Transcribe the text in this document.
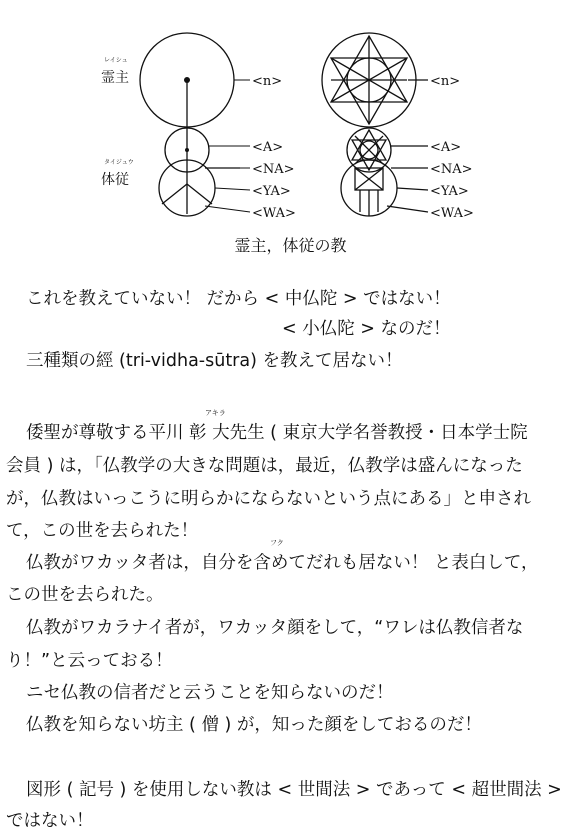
レイシュ
霊主
タイジュウ
体従
<n>
<A>
<NA>
<YA>
<WA>
<n>
<A>
<NA>
<YA>
<WA>
霊主，体従の教
これを教えていない！ だから < 中仏陀 > ではない！
< 小仏陀 > なのだ！
三種類の經 (tri-vidha-sūtra) を教えて居ない！
倭聖が尊敬する平川 彰 大先生 ( 東京大学名誉教授・日本学士院
アキラ
会員 ) は，「仏教学の大きな問題は，最近，仏教学は盛んになった
が，仏教はいっこうに明らかにならないという点にある」と申され
て，この世を去られた！
仏教がワカッタ者は，自分を含めてだれも居ない！ と表白して，
フク
この世を去られた。
仏教がワカラナイ者が，ワカッタ顔をして，“ワレは仏教信者な
り！”と云っておる！
ニセ仏教の信者だと云うことを知らないのだ！
仏教を知らない坊主 ( 僧 ) が，知った顔をしておるのだ！
図形 ( 記号 ) を使用しない教は < 世間法 > であって < 超世間法 >
ではない！
